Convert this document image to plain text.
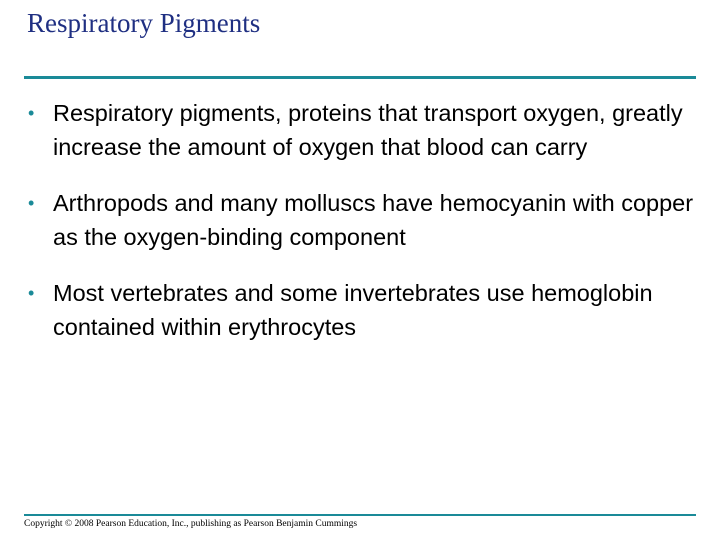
Respiratory Pigments
• Respiratory pigments, proteins that transport oxygen, greatly increase the amount of oxygen that blood can carry
• Arthropods and many molluscs have hemocyanin with copper as the oxygen-binding component
• Most vertebrates and some invertebrates use hemoglobin contained within erythrocytes
Copyright © 2008 Pearson Education, Inc., publishing as Pearson Benjamin Cummings
